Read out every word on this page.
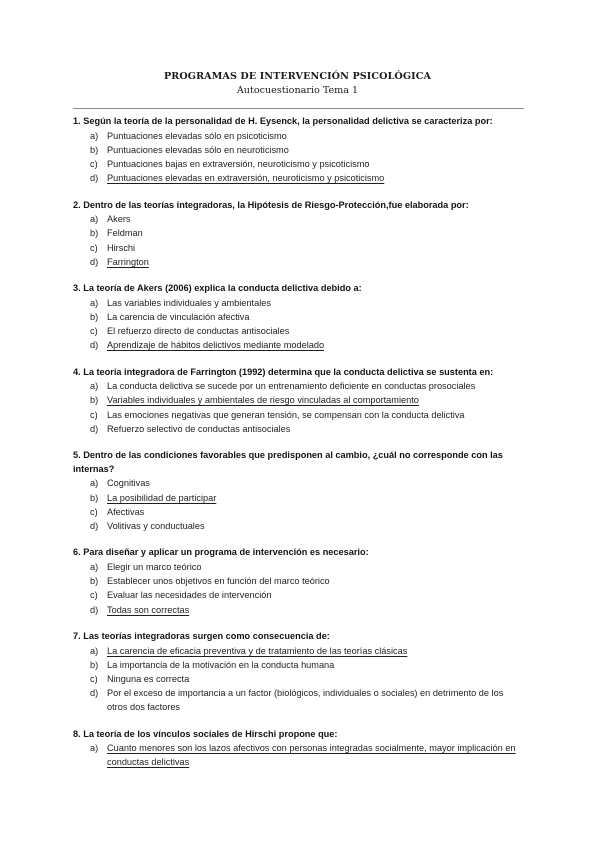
PROGRAMAS DE INTERVENCIÓN PSICOLÓGICA
Autocuestionario Tema 1
1. Según la teoría de la personalidad de H. Eysenck, la personalidad delictiva se caracteriza por:
a) Puntuaciones elevadas sólo en psicoticismo
b) Puntuaciones elevadas sólo en neuroticismo
c)	Puntuaciones bajas en extraversión, neuroticismo y psicoticismo
d) Puntuaciones elevadas en extraversión, neuroticismo y psicoticismo
2. Dentro de las teorías integradoras, la Hipótesis de Riesgo-Protección,fue elaborada por:
a) Akers
b) Feldman
c)	Hirschi
d) Farrington
3. La teoría de Akers (2006) explica la conducta delictiva debido a:
a) Las variables individuales y ambientales
b) La carencia de vinculación afectiva
c)	El refuerzo directo de conductas antisociales
d) Aprendizaje de hábitos delictivos mediante modelado
4. La teoría integradora de Farrington (1992) determina que la conducta delictiva se sustenta en:
a) La conducta delictiva se sucede por un entrenamiento deficiente en conductas prosociales
b) Variables individuales y ambientales de riesgo vinculadas al comportamiento
c)	Las emociones negativas que generan tensión, se compensan con la conducta delictiva
d) Refuerzo selectivo de conductas antisociales
5. Dentro de las condiciones favorables que predisponen al cambio, ¿cuál no corresponde con las internas?
a) Cognitivas
b) La posibilidad de participar
c)	Afectivas
d) Volitivas y conductuales
6. Para diseñar y aplicar un programa de intervención es necesario:
a) Elegir un marco teórico
b) Establecer unos objetivos en función del marco teórico
c)	Evaluar las necesidades de intervención
d) Todas son correctas
7. Las teorías integradoras surgen como consecuencia de:
a) La carencia de eficacia preventiva y de tratamiento de las teorías clásicas
b) La importancia de la motivación en la conducta humana
c)	Ninguna es correcta
d) Por el exceso de importancia a un factor (biológicos, individuales o sociales) en detrimento de los otros dos factores
8. La teoría de los vínculos sociales de Hirschi propone que:
a) Cuanto menores son los lazos afectivos con personas integradas socialmente, mayor implicación en conductas delictivas
